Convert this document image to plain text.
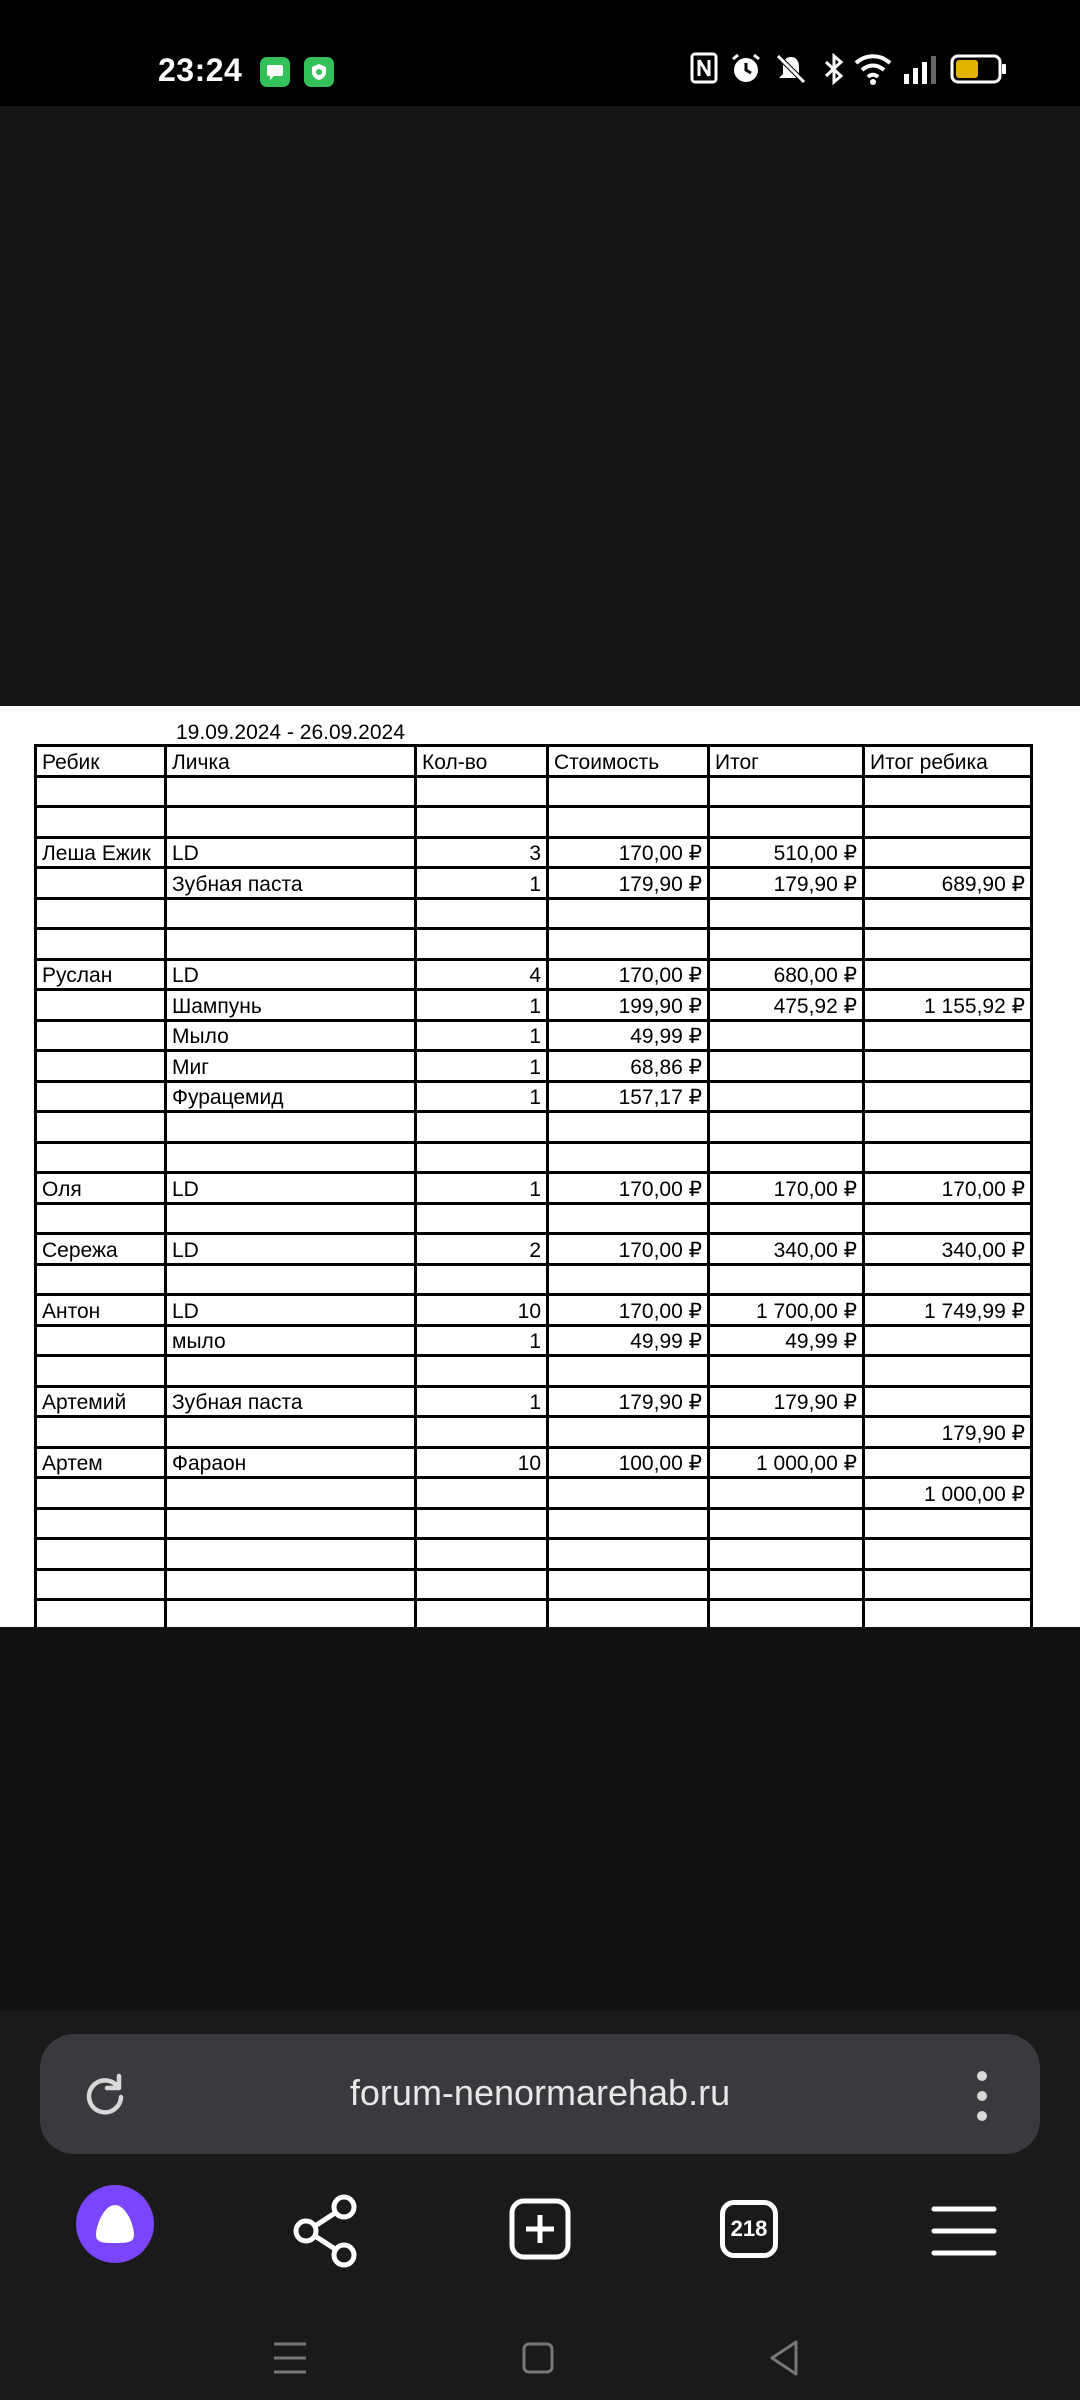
23:24
19.09.2024 - 26.09.2024
Ребик	Личка	Кол-во	Стоимость	Итог	Итог ребика

Леша Ежик	LD	3	170,00 ₽	510,00 ₽	
	Зубная паста	1	179,90 ₽	179,90 ₽	689,90 ₽

Руслан	LD	4	170,00 ₽	680,00 ₽	
	Шампунь	1	199,90 ₽	475,92 ₽	1 155,92 ₽
	Мыло	1	49,99 ₽		
	Миг	1	68,86 ₽		
	Фурацемид	1	157,17 ₽		

Оля	LD	1	170,00 ₽	170,00 ₽	170,00 ₽

Сережа	LD	2	170,00 ₽	340,00 ₽	340,00 ₽

Антон	LD	10	170,00 ₽	1 700,00 ₽	1 749,99 ₽
	мыло	1	49,99 ₽	49,99 ₽	

Артемий	Зубная паста	1	179,90 ₽	179,90 ₽	
					179,90 ₽
Артем	Фараон	10	100,00 ₽	1 000,00 ₽	
					1 000,00 ₽

forum-nenormarehab.ru
218
